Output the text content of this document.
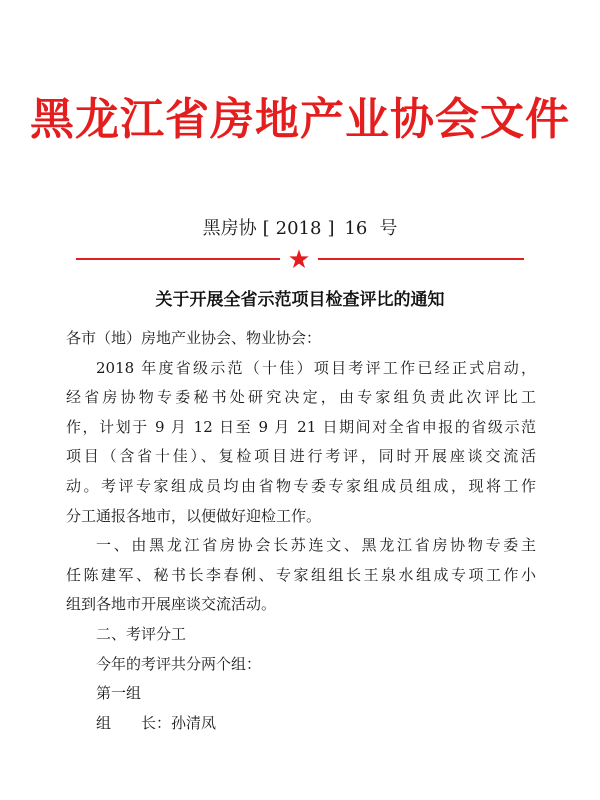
黑龙江省房地产业协会文件
黑房协 [ 2018 ] 16 号
关于开展全省示范项目检查评比的通知

各市（地）房地产业协会、物业协会：

2018 年度省级示范（十佳）项目考评工作已经正式启动，

经省房协物专委秘书处研究决定，由专家组负责此次评比工

作，计划于 9 月 12 日至 9 月 21 日期间对全省申报的省级示范

项目（含省十佳）、复检项目进行考评，同时开展座谈交流活

动。考评专家组成员均由省物专委专家组成员组成，现将工作

分工通报各地市，以便做好迎检工作。

一、由黑龙江省房协会长苏连文、黑龙江省房协物专委主

任陈建军、秘书长李春俐、专家组组长王泉水组成专项工作小

组到各地市开展座谈交流活动。

二、考评分工

今年的考评共分两个组：

第一组

组　　长：孙清凤
